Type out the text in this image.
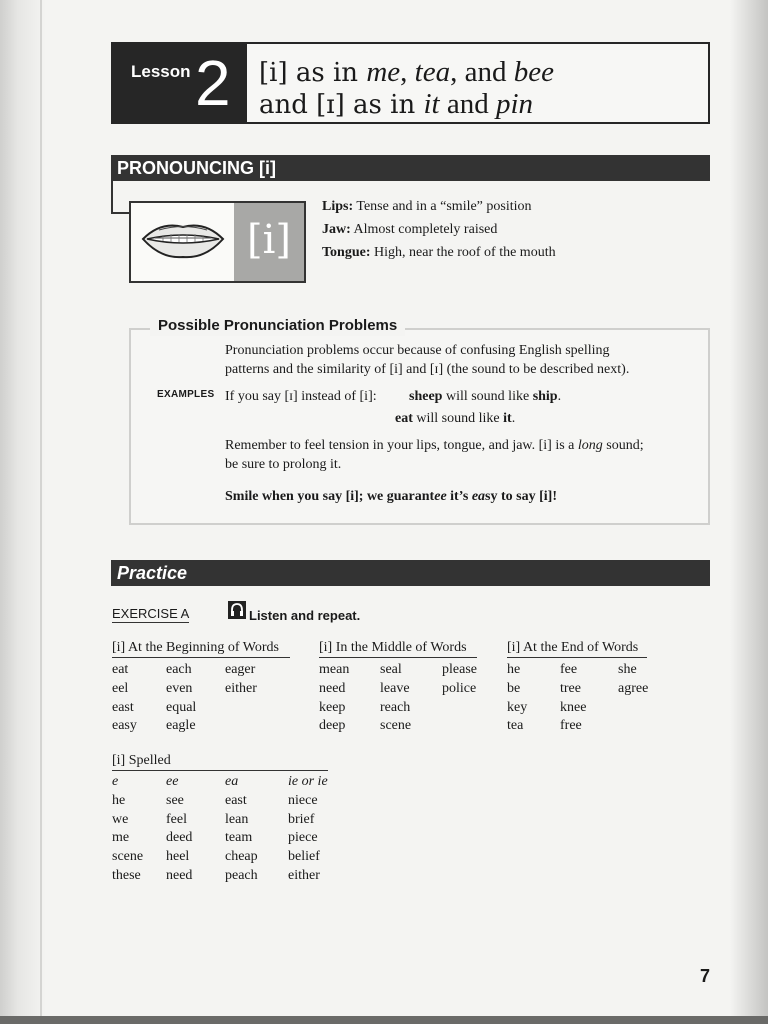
Lesson 2 [i] as in me, tea, and bee
and [ɪ] as in it and pin
PRONOUNCING [i]
[i]
Lips: Tense and in a “smile” position
Jaw: Almost completely raised
Tongue: High, near the roof of the mouth
Possible Pronunciation Problems
Pronunciation problems occur because of confusing English spelling
patterns and the similarity of [i] and [ɪ] (the sound to be described next).
EXAMPLES If you say [ɪ] instead of [i]: sheep will sound like ship.
eat will sound like it.
Remember to feel tension in your lips, tongue, and jaw. [i] is a long sound;
be sure to prolong it.
Smile when you say [i]; we guarantee it’s easy to say [i]!
Practice
EXERCISE A	Listen and repeat.
[i] At the Beginning of Words
eat
eel
east
easy
each
even
equal
eagle
eager
either
[i] In the Middle of Words
mean
need
keep
deep
seal
leave
reach
scene
please
police
[i] At the End of Words
he
be
key
tea
fee
tree
knee
free
she
agree
[i] Spelled
e
he
we
me
scene
these
ee
see
feel
deed
heel
need
ea
east
lean
team
cheap
peach
ie or ie
niece
brief
piece
belief
either
7
